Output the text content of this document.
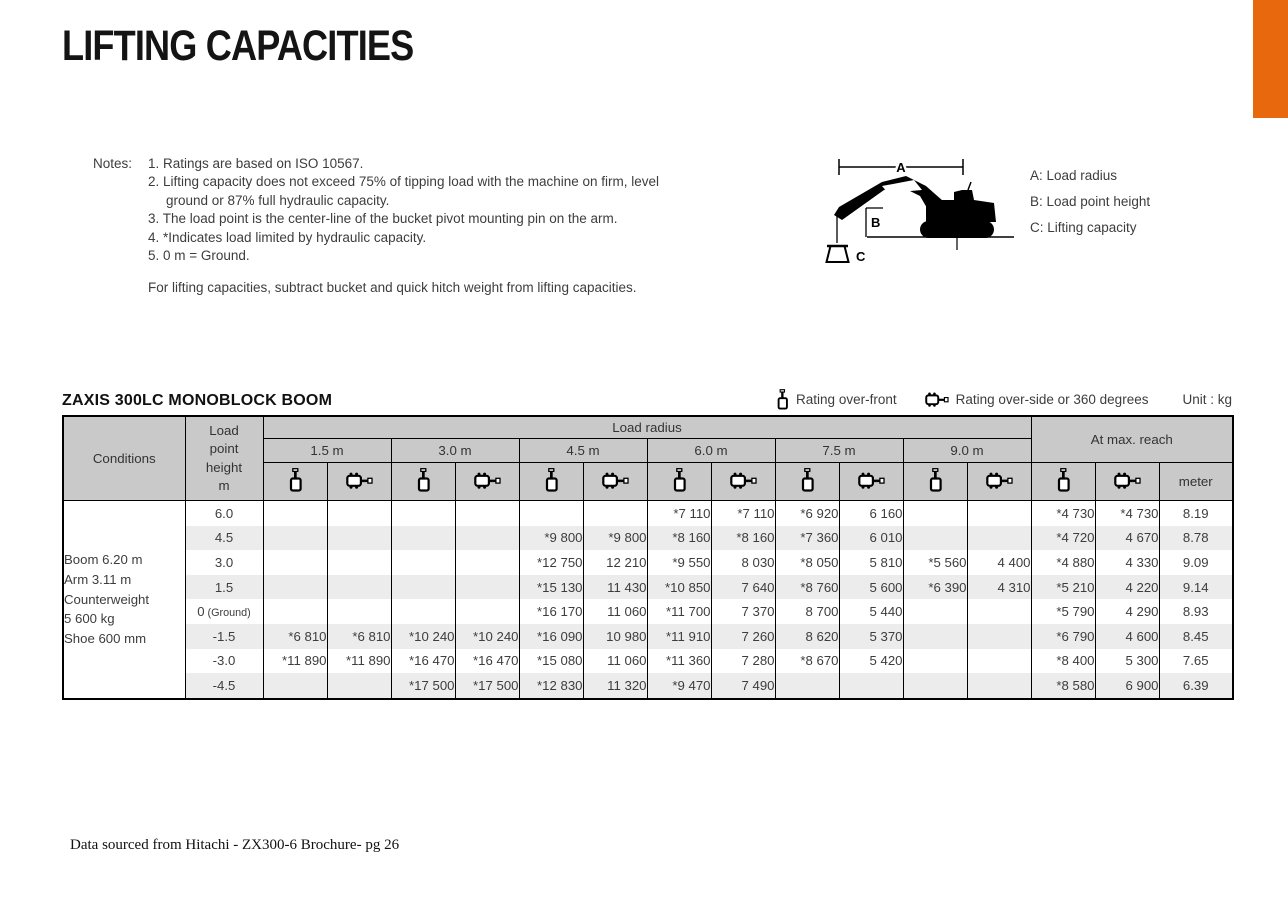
LIFTING CAPACITIES
Notes:	1. Ratings are based on ISO 10567.
2. Lifting capacity does not exceed 75% of tipping load with the machine on firm, level ground or 87% full hydraulic capacity.
3. The load point is the center-line of the bucket pivot mounting pin on the arm.
4. *Indicates load limited by hydraulic capacity.
5. 0 m = Ground.
For lifting capacities, subtract bucket and quick hitch weight from lifting capacities.
A
C
B
A: Load radius
B: Load point height
C: Lifting capacity
ZAXIS 300LC MONOBLOCK BOOM	Rating over-front	Rating over-side or 360 degrees	Unit : kg
Conditions	Load
point
height
m	Load radius												At max. reach		
		1.5 m		3.0 m		4.5 m		6.0 m		7.5 m		9.0 m				
														meter

Boom 6.20 m
Arm 3.11 m
Counterweight
5 600 kg
Shoe 600 mm	6.0							*7 110	*7 110	*6 920	6 160			*4 730	*4 730	8.19
	4.5					*9 800	*9 800	*8 160	*8 160	*7 360	6 010			*4 720	4 670	8.78
	3.0					*12 750	12 210	*9 550	8 030	*8 050	5 810	*5 560	4 400	*4 880	4 330	9.09
	1.5					*15 130	11 430	*10 850	7 640	*8 760	5 600	*6 390	4 310	*5 210	4 220	9.14
	0 (Ground)					*16 170	11 060	*11 700	7 370	8 700	5 440			*5 790	4 290	8.93
	-1.5	*6 810	*6 810	*10 240	*10 240	*16 090	10 980	*11 910	7 260	8 620	5 370			*6 790	4 600	8.45
	-3.0	*11 890	*11 890	*16 470	*16 470	*15 080	11 060	*11 360	7 280	*8 670	5 420			*8 400	5 300	7.65
	-4.5			*17 500	*17 500	*12 830	11 320	*9 470	7 490					*8 580	6 900	6.39
Data sourced from Hitachi - ZX300-6 Brochure- pg 26
